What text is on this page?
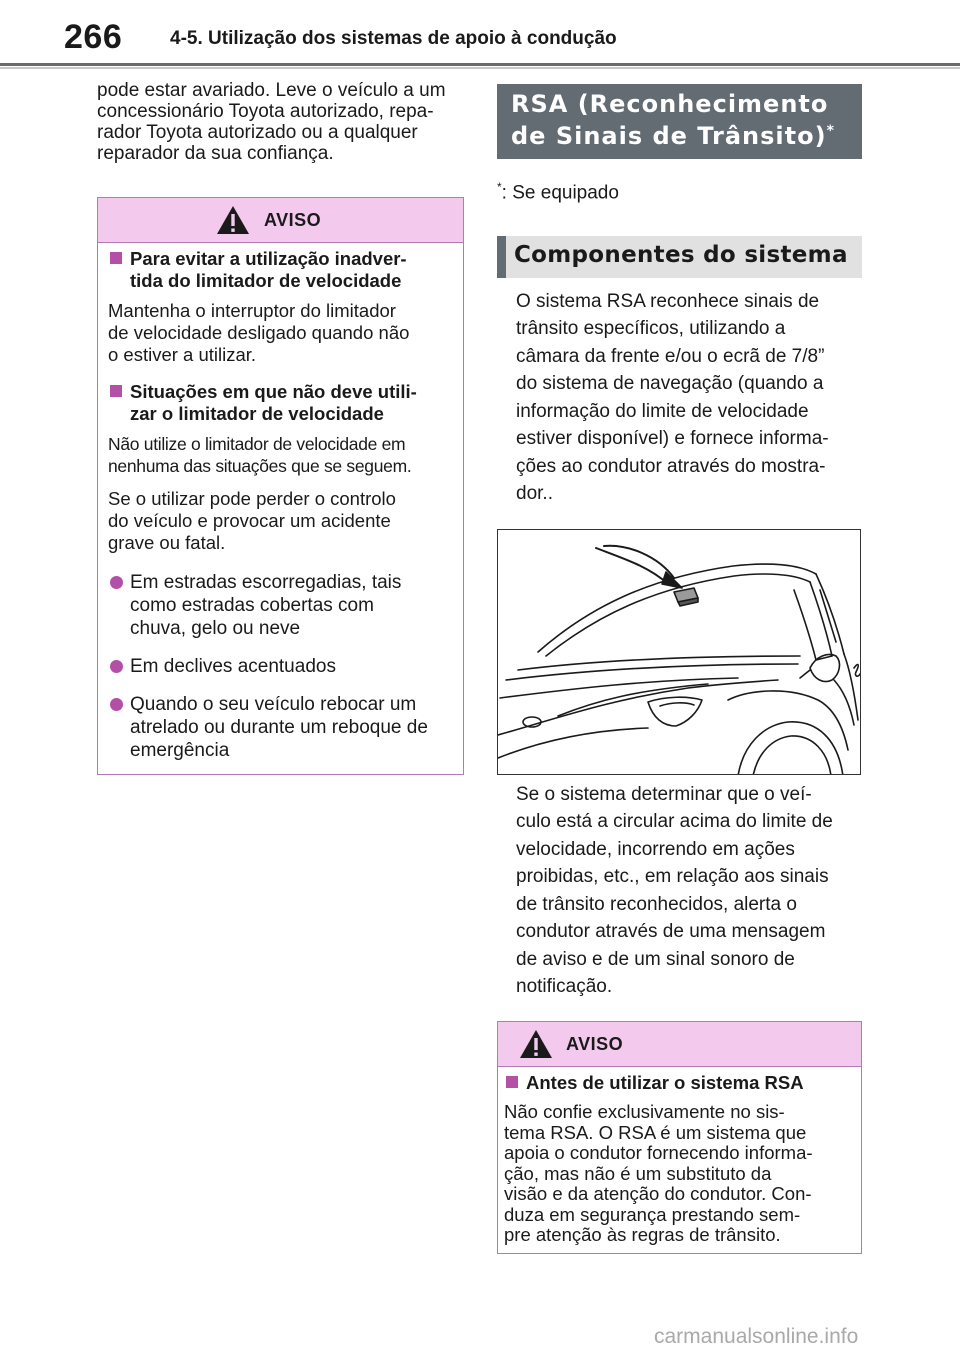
266	4-5. Utilização dos sistemas de apoio à condução
pode estar avariado. Leve o veículo a um
concessionário Toyota autorizado, repa-
rador Toyota autorizado ou a qualquer
reparador da sua confiança.
AVISO
Para evitar a utilização inadver-
tida do limitador de velocidade
Mantenha o interruptor do limitador
de velocidade desligado quando não
o estiver a utilizar.
Situações em que não deve utili-
zar o limitador de velocidade
Não utilize o limitador de velocidade em
nenhuma das situações que se seguem.
Se o utilizar pode perder o controlo
do veículo e provocar um acidente
grave ou fatal.
Em estradas escorregadias, tais
como estradas cobertas com
chuva, gelo ou neve
Em declives acentuados
Quando o seu veículo rebocar um
atrelado ou durante um reboque de
emergência
RSA (Reconhecimento
de Sinais de Trânsito)*
*: Se equipado
Componentes do sistema
O sistema RSA reconhece sinais de
trânsito específicos, utilizando a
câmara da frente e/ou o ecrã de 7/8”
do sistema de navegação (quando a
informação do limite de velocidade
estiver disponível) e fornece informa-
ções ao condutor através do mostra-
dor..
Se o sistema determinar que o veí-
culo está a circular acima do limite de
velocidade, incorrendo em ações
proibidas, etc., em relação aos sinais
de trânsito reconhecidos, alerta o
condutor através de uma mensagem
de aviso e de um sinal sonoro de
notificação.
AVISO
Antes de utilizar o sistema RSA
Não confie exclusivamente no sis-
tema RSA. O RSA é um sistema que
apoia o condutor fornecendo informa-
ção, mas não é um substituto da
visão e da atenção do condutor. Con-
duza em segurança prestando sem-
pre atenção às regras de trânsito.
carmanualsonline.info
